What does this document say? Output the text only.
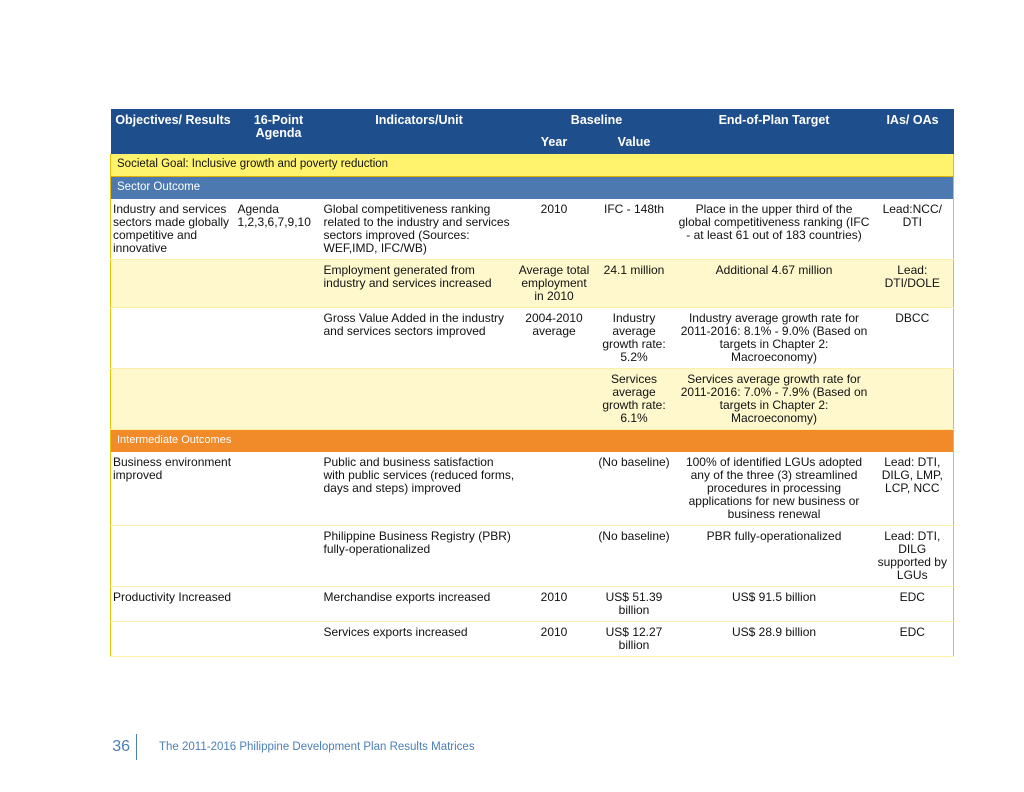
Objectives/ Results	16-Point Agenda	Indicators/Unit	Baseline		End-of-Plan Target	IAs/ OAs
			Year	Value		
Societal Goal: Inclusive growth and poverty reduction						
Sector Outcome						
Industry and services sectors made globally competitive and innovative	Agenda 1,2,3,6,7,9,10	Global competitiveness ranking related to the industry and services sectors improved (Sources: WEF,IMD, IFC/WB)	2010	IFC - 148th	Place in the upper third of the global competitiveness ranking (IFC - at least 61 out of 183 countries)	Lead:NCC/ DTI
		Employment generated from industry and services increased	Average total employment in 2010	24.1 million	Additional 4.67 million	Lead: DTI/DOLE
		Gross Value Added in the industry and services sectors improved	2004-2010 average	Industry average growth rate: 5.2%	Industry average growth rate for 2011-2016: 8.1% - 9.0% (Based on targets in Chapter 2: Macroeconomy)	DBCC
				Services average growth rate: 6.1%	Services average growth rate for 2011-2016: 7.0% - 7.9% (Based on targets in Chapter 2: Macroeconomy)	
Intermediate Outcomes						
Business environment improved		Public and business satisfaction with public services (reduced forms, days and steps) improved		(No baseline)	100% of identified LGUs adopted any of the three (3) streamlined procedures in processing applications for new business or business renewal	Lead: DTI, DILG, LMP, LCP, NCC
		Philippine Business Registry (PBR) fully-operationalized		(No baseline)	PBR fully-operationalized	Lead: DTI, DILG supported by LGUs
Productivity Increased		Merchandise exports increased	2010	US$ 51.39 billion	US$ 91.5 billion	EDC
		Services exports increased	2010	US$ 12.27 billion	US$ 28.9 billion	EDC
36	The 2011-2016 Philippine Development Plan Results Matrices
